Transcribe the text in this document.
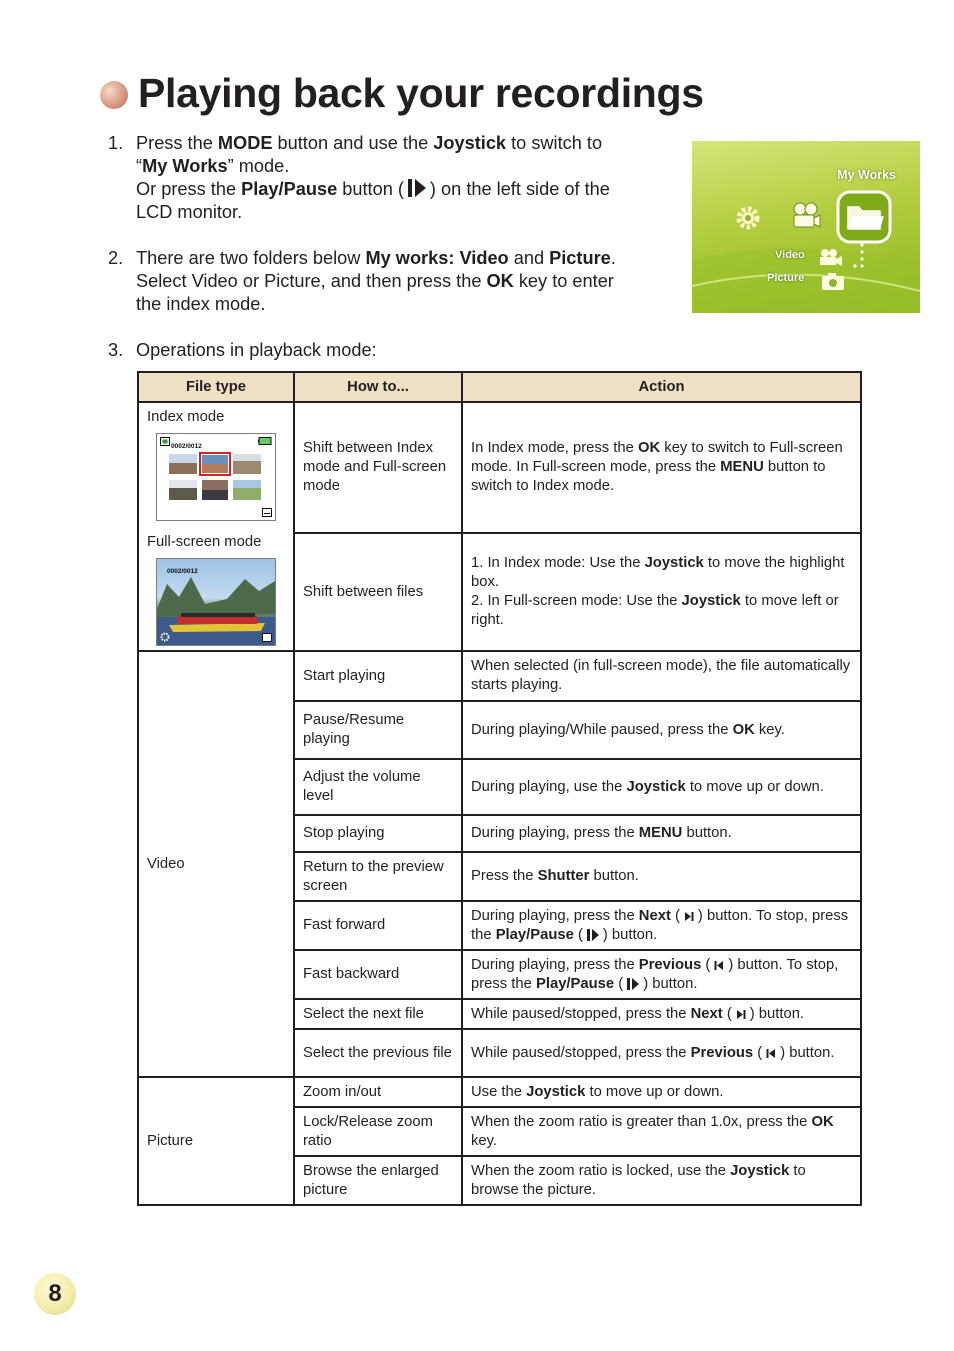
Playing back your recordings

1. Press the MODE button and use the Joystick to switch to
“My Works” mode.
Or press the Play/Pause button ( ) on the left side of the
LCD monitor.

2. There are two folders below My works: Video and Picture.
Select Video or Picture, and then press the OK key to enter
the index mode.

3. Operations in playback mode:

My Works
Video
Picture
File type	How to...	Action

Index mode
0002/0012
Full-screen mode
0002/0012	Shift between Index mode and Full-screen mode	In Index mode, press the OK key to switch to Full-screen mode. In Full-screen mode, press the MENU button to switch to Index mode.
	Shift between files	1. In Index mode: Use the Joystick to move the highlight box.
2. In Full-screen mode: Use the Joystick to move left or right.
Video	Start playing	When selected (in full-screen mode), the file automatically starts playing.
	Pause/Resume playing	During playing/While paused, press the OK key.
	Adjust the volume level	During playing, use the Joystick to move up or down.
	Stop playing	During playing, press the MENU button.
	Return to the preview screen	Press the Shutter button.
	Fast forward	During playing, press the Next ( ) button. To stop, press the Play/Pause ( ) button.
	Fast backward	During playing, press the Previous ( ) button. To stop, press the Play/Pause ( ) button.
	Select the next file	While paused/stopped, press the Next ( ) button.
	Select the previous file	While paused/stopped, press the Previous ( ) button.
Picture	Zoom in/out	Use the Joystick to move up or down.
	Lock/Release zoom ratio	When the zoom ratio is greater than 1.0x, press the OK key.
	Browse the enlarged picture	When the zoom ratio is locked, use the Joystick to browse the picture.
8
